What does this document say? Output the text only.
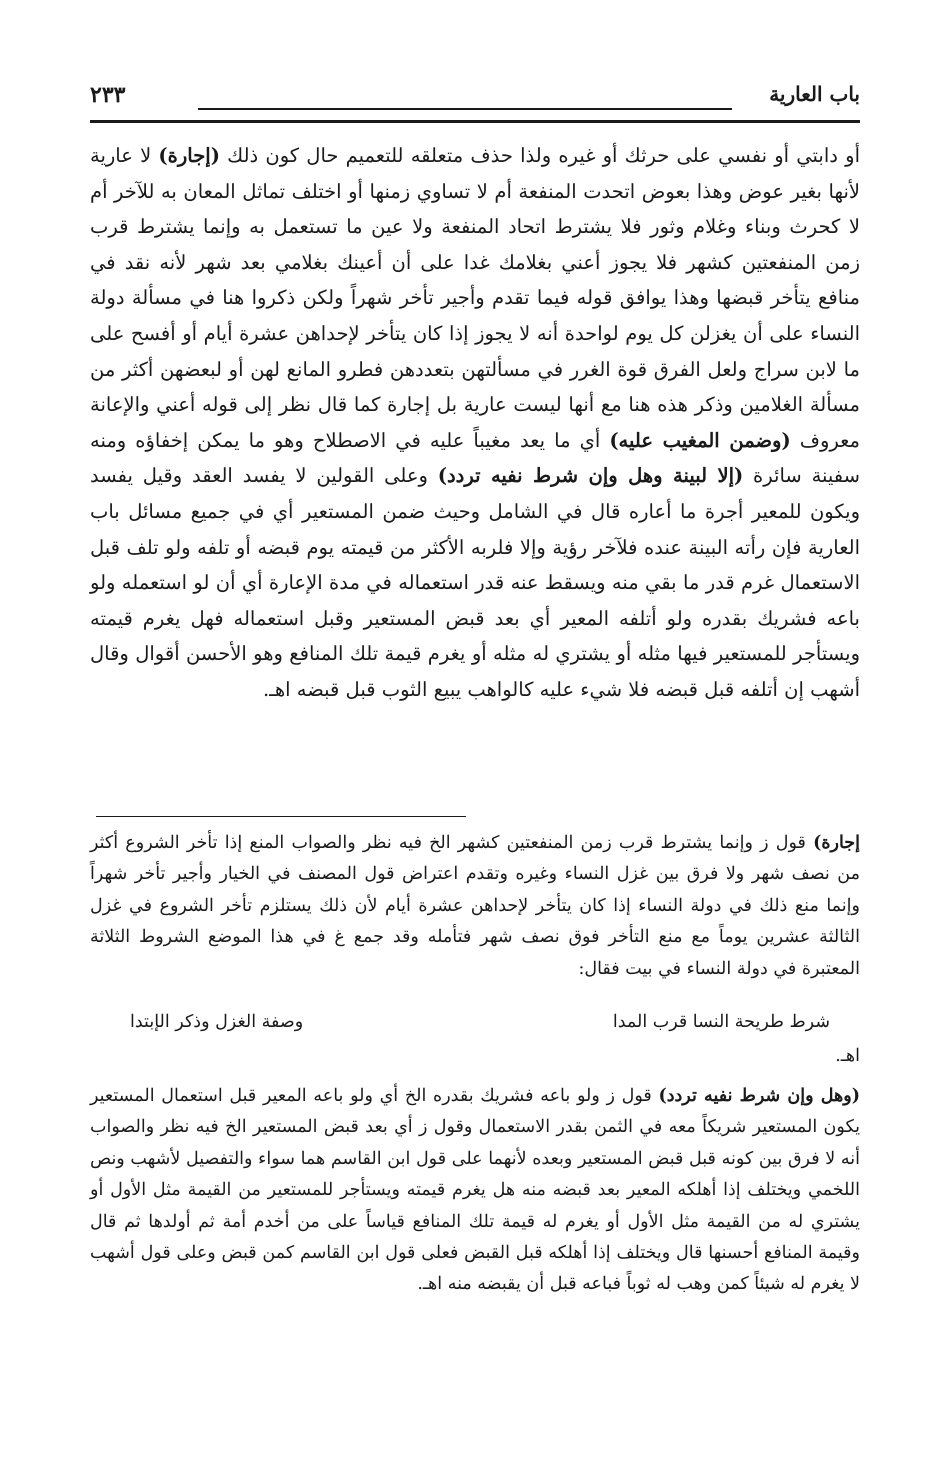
باب العارية
٢٣٣

أو دابتي أو نفسي على حرثك أو غيره ولذا حذف متعلقه للتعميم حال كون ذلك (إجارة) لا عارية لأنها بغير عوض وهذا بعوض اتحدت المنفعة أم لا تساوي زمنها أو اختلف تماثل المعان به للآخر أم لا كحرث وبناء وغلام وثور فلا يشترط اتحاد المنفعة ولا عين ما تستعمل به وإنما يشترط قرب زمن المنفعتين كشهر فلا يجوز أعني بغلامك غدا على أن أعينك بغلامي بعد شهر لأنه نقد في منافع يتأخر قبضها وهذا يوافق قوله فيما تقدم وأجير تأخر شهراً ولكن ذكروا هنا في مسألة دولة النساء على أن يغزلن كل يوم لواحدة أنه لا يجوز إذا كان يتأخر لإحداهن عشرة أيام أو أفسح على ما لابن سراج ولعل الفرق قوة الغرر في مسألتهن بتعددهن فطرو المانع لهن أو لبعضهن أكثر من مسألة الغلامين وذكر هذه هنا مع أنها ليست عارية بل إجارة كما قال نظر إلى قوله أعني والإعانة معروف (وضمن المغيب عليه) أي ما يعد مغيباً عليه في الاصطلاح وهو ما يمكن إخفاؤه ومنه سفينة سائرة (إلا لبينة وهل وإن شرط نفيه تردد) وعلى القولين لا يفسد العقد وقيل يفسد ويكون للمعير أجرة ما أعاره قال في الشامل وحيث ضمن المستعير أي في جميع مسائل باب العارية فإن رأته البينة عنده فلآخر رؤية وإلا فلربه الأكثر من قيمته يوم قبضه أو تلفه ولو تلف قبل الاستعمال غرم قدر ما بقي منه ويسقط عنه قدر استعماله في مدة الإعارة أي أن لو استعمله ولو باعه فشريك بقدره ولو أتلفه المعير أي بعد قبض المستعير وقبل استعماله فهل يغرم قيمته ويستأجر للمستعير فيها مثله أو يشتري له مثله أو يغرم قيمة تلك المنافع وهو الأحسن أقوال وقال أشهب إن أتلفه قبل قبضه فلا شيء عليه كالواهب يبيع الثوب قبل قبضه اهـ.

إجارة) قول ز وإنما يشترط قرب زمن المنفعتين كشهر الخ فيه نظر والصواب المنع إذا تأخر الشروع أكثر من نصف شهر ولا فرق بين غزل النساء وغيره وتقدم اعتراض قول المصنف في الخيار وأجير تأخر شهراً وإنما منع ذلك في دولة النساء إذا كان يتأخر لإحداهن عشرة أيام لأن ذلك يستلزم تأخر الشروع في غزل الثالثة عشرين يوماً مع منع التأخر فوق نصف شهر فتأمله وقد جمع غ في هذا الموضع الشروط الثلاثة المعتبرة في دولة النساء في بيت فقال:

شرط طريحة النسا قرب المدا
وصفة الغزل وذكر الإبتدا
اهـ.

(وهل وإن شرط نفيه تردد) قول ز ولو باعه فشريك بقدره الخ أي ولو باعه المعير قبل استعمال المستعير يكون المستعير شريكاً معه في الثمن بقدر الاستعمال وقول ز أي بعد قبض المستعير الخ فيه نظر والصواب أنه لا فرق بين كونه قبل قبض المستعير وبعده لأنهما على قول ابن القاسم هما سواء والتفصيل لأشهب ونص اللخمي ويختلف إذا أهلكه المعير بعد قبضه منه هل يغرم قيمته ويستأجر للمستعير من القيمة مثل الأول أو يشتري له من القيمة مثل الأول أو يغرم له قيمة تلك المنافع قياساً على من أخدم أمة ثم أولدها ثم قال وقيمة المنافع أحسنها قال ويختلف إذا أهلكه قبل القبض فعلى قول ابن القاسم كمن قبض وعلى قول أشهب لا يغرم له شيئاً كمن وهب له ثوباً فباعه قبل أن يقبضه منه اهـ.
